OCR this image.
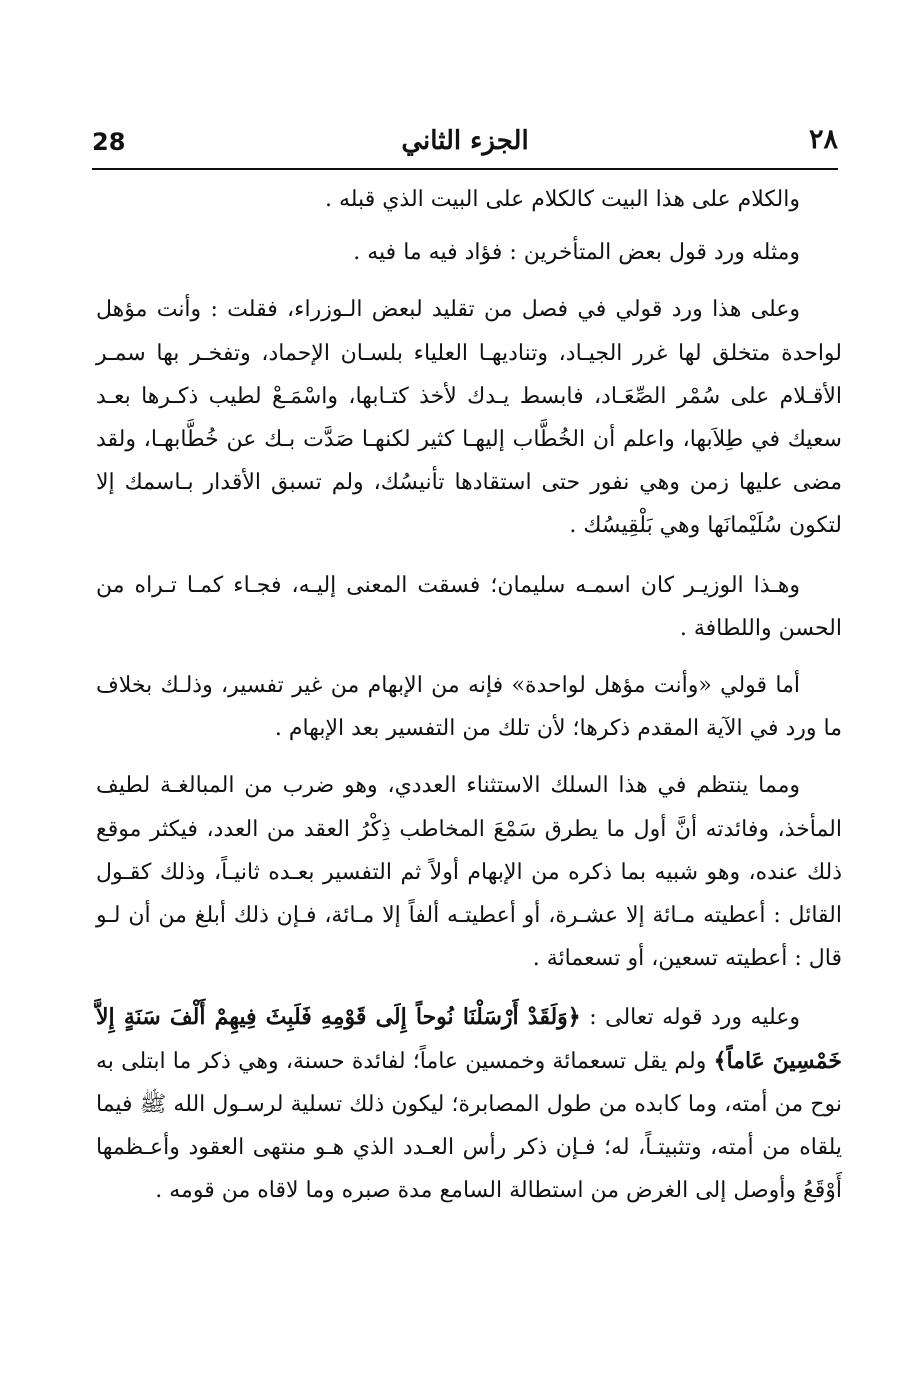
28	الجزء الثاني	٢٨

والكلام على هذا البيت كالكلام على البيت الذي قبله .

ومثله ورد قول بعض المتأخرين : فؤاد فيه ما فيه .

وعلى هذا ورد قولي في فصل من تقليد لبعض الـوزراء، فقلت : وأنت مؤهل لواحدة متخلق لها غرر الجيـاد، وتناديهـا العلياء بلسـان الإحماد، وتفخـر بها سمـر الأقـلام على سُمْر الصِّعَـاد، فابسط يـدك لأخذ كتـابها، واسْمَـعْ لطيب ذكـرها بعـد سعيك في طِلاَبها، واعلم أن الخُطَّاب إليهـا كثير لكنهـا صَدَّت بـك عن خُطَّابهـا، ولقد مضى عليها زمن وهي نفور حتى استقادها تأنيسُك، ولم تسبق الأقدار بـاسمك إلا لتكون سُلَيْمانَها وهي بَلْقِيسُك .

وهـذا الوزيـر كان اسمـه سليمان؛ فسقت المعنى إليـه، فجـاء كمـا تـراه من الحسن واللطافة .

أما قولي «وأنت مؤهل لواحدة» فإنه من الإبهام من غير تفسير، وذلـك بخلاف ما ورد في الآية المقدم ذكرها؛ لأن تلك من التفسير بعد الإبهام .

ومما ينتظم في هذا السلك الاستثناء العددي، وهو ضرب من المبالغـة لطيف المأخذ، وفائدته أنَّ أول ما يطرق سَمْعَ المخاطب ذِكْرُ العقد من العدد، فيكثر موقع ذلك عنده، وهو شبيه بما ذكره من الإبهام أولاً ثم التفسير بعـده ثانيـاً، وذلك كقـول القائل : أعطيته مـائة إلا عشـرة، أو أعطيتـه ألفاً إلا مـائة، فـإن ذلك أبلغ من أن لـو قال : أعطيته تسعين، أو تسعمائة .

وعليه ورد قوله تعالى : ﴿وَلَقَدْ أَرْسَلْنَا نُوحاً إِلَى قَوْمِهِ فَلَبِثَ فِيهِمْ أَلْفَ سَنَةٍ إِلاَّ خَمْسِينَ عَاماً﴾ ولم يقل تسعمائة وخمسين عاماً؛ لفائدة حسنة، وهي ذكر ما ابتلى به نوح من أمته، وما كابده من طول المصابرة؛ ليكون ذلك تسلية لرسـول الله ﷺ فيما يلقاه من أمته، وتثبيتـاً، له؛ فـإن ذكر رأس العـدد الذي هـو منتهى العقود وأعـظمها أَوْقَعُ وأوصل إلى الغرض من استطالة السامع مدة صبره وما لاقاه من قومه .
